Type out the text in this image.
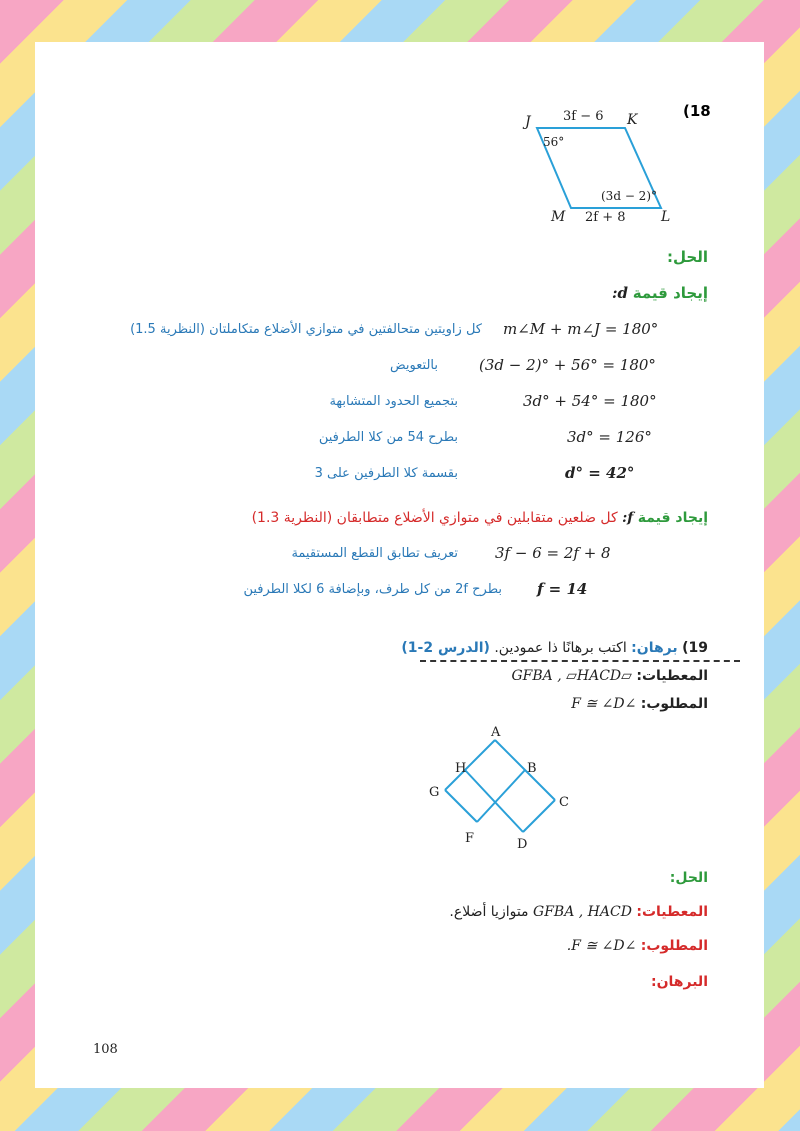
(18
J	K
M	L
3f − 6
2f + 8
56°
(3d − 2)°
الحل:
إيجاد قيمة d:
m∠M + m∠J = 180°
كل زاويتين متحالفتين في متوازي الأضلاع متكاملتان (النظرية 1.5)
(3d − 2)° + 56° = 180°
بالتعويض
3d° + 54° = 180°
بتجميع الحدود المتشابهة
3d° = 126°
بطرح 54 من كلا الطرفين
d° = 42°
بقسمة كلا الطرفين على 3
إيجاد قيمة f: كل ضلعين متقابلين في متوازي الأضلاع متطابقان (النظرية 1.3)
3f − 6 = 2f + 8
تعريف تطابق القطع المستقيمة
f = 14
بطرح 2f من كل طرف، وبإضافة 6 لكلا الطرفين
19) برهان: اكتب برهانًا ذا عمودين. (الدرس 2-1)
المعطيات: ▱GFBA , ▱HACD
المطلوب: ∠F ≅ ∠D
A
H	B
G
C
F	D
الحل:
المعطيات: GFBA , HACD متوازيا أضلاع.
المطلوب: ∠F ≅ ∠D.
البرهان:
108
